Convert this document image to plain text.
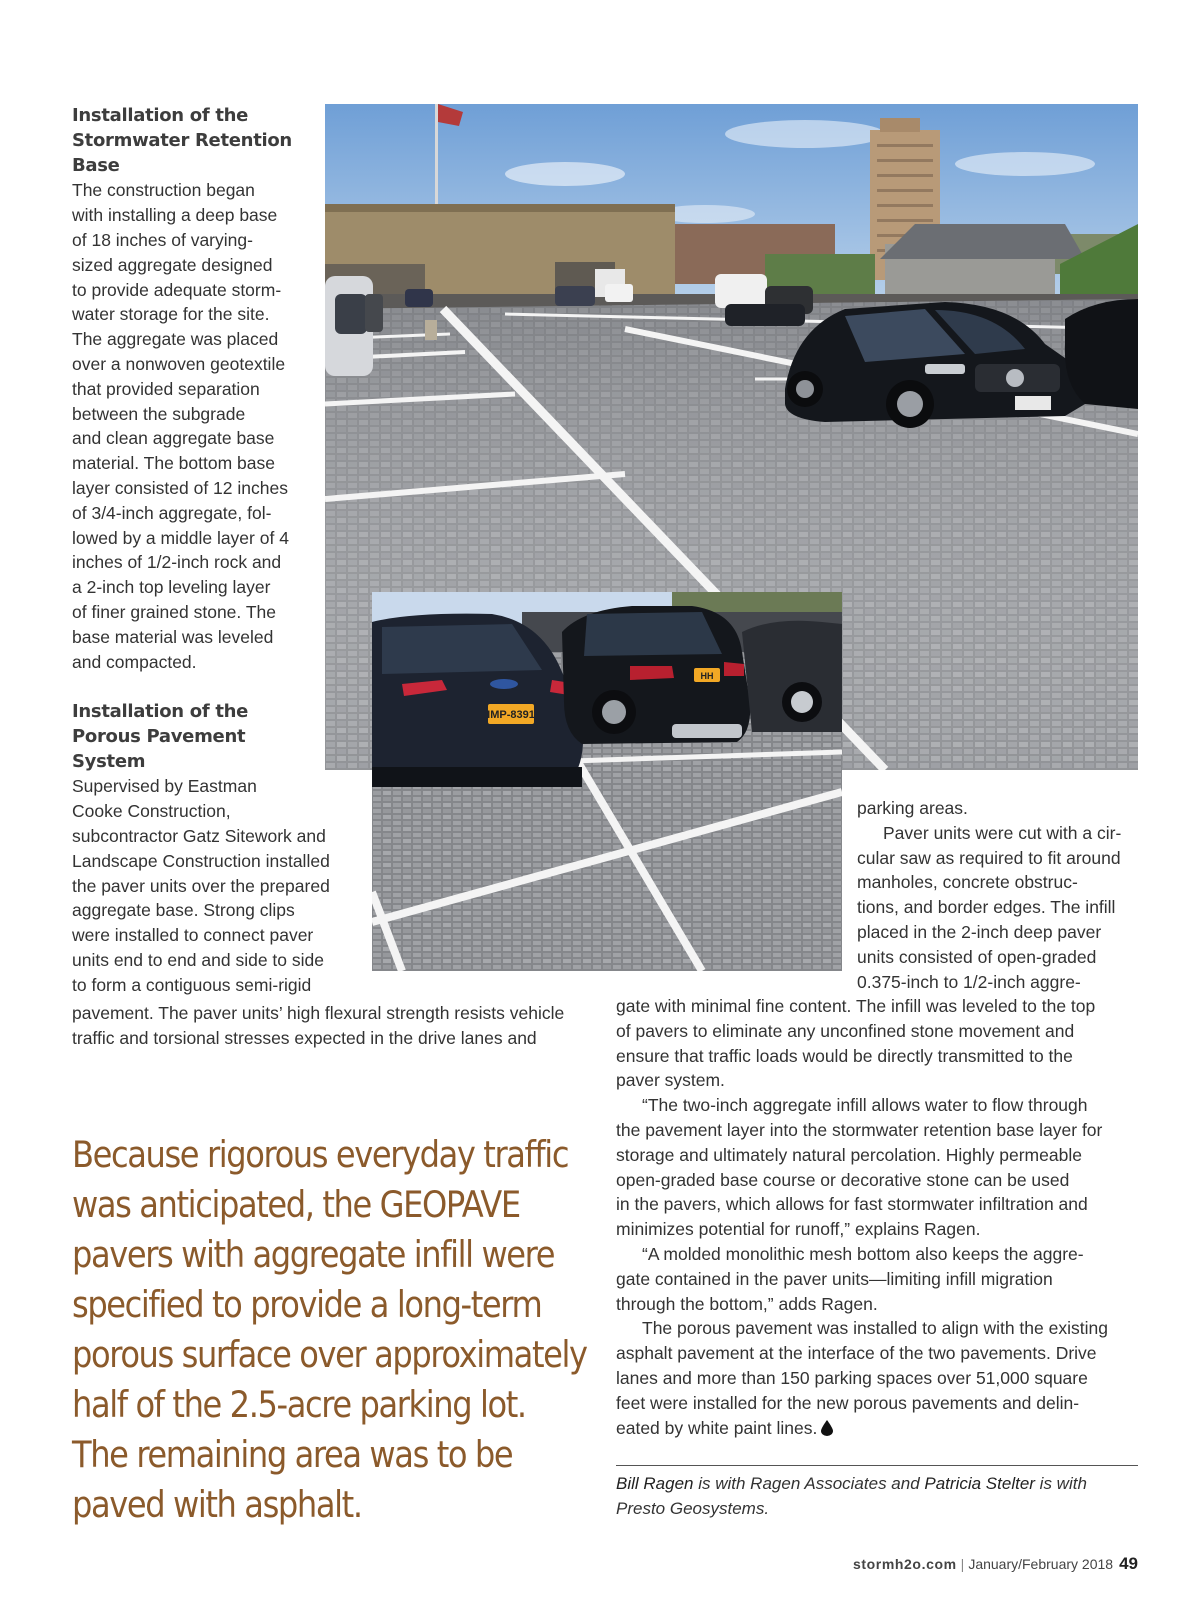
IMP-8391
HH
Installation of the
Stormwater Retention
Base
The construction began
with installing a deep base
of 18 inches of varying-
sized aggregate designed
to provide adequate storm-
water storage for the site.
The aggregate was placed
over a nonwoven geotextile
that provided separation
between the subgrade
and clean aggregate base
material. The bottom base
layer consisted of 12 inches
of 3/4-inch aggregate, fol-
lowed by a middle layer of 4
inches of 1/2-inch rock and
a 2-inch top leveling layer
of finer grained stone. The
base material was leveled
and compacted.
Installation of the
Porous Pavement
System
Supervised by Eastman
Cooke Construction,
subcontractor Gatz Sitework and
Landscape Construction installed
the paver units over the prepared
aggregate base. Strong clips
were installed to connect paver
units end to end and side to side
to form a contiguous semi-rigid

pavement. The paver units’ high flexural strength resists vehicle

traffic and torsional stresses expected in the drive lanes and

parking areas.

Paver units were cut with a cir-

cular saw as required to fit around

manholes, concrete obstruc-

tions, and border edges. The infill

placed in the 2-inch deep paver

units consisted of open-graded

0.375-inch to 1/2-inch aggre-

gate with minimal fine content. The infill was leveled to the top

of pavers to eliminate any unconfined stone movement and

ensure that traffic loads would be directly transmitted to the

paver system.

“The two-inch aggregate infill allows water to flow through

the pavement layer into the stormwater retention base layer for

storage and ultimately natural percolation. Highly permeable

open-graded base course or decorative stone can be used

in the pavers, which allows for fast stormwater infiltration and

minimizes potential for runoff,” explains Ragen.

“A molded monolithic mesh bottom also keeps the aggre-

gate contained in the paver units—limiting infill migration

through the bottom,” adds Ragen.

The porous pavement was installed to align with the existing

asphalt pavement at the interface of the two pavements. Drive

lanes and more than 150 parking spaces over 51,000 square

feet were installed for the new porous pavements and delin-

eated by white paint lines.

Because rigorous everyday traffic
was anticipated, the GEOPAVE
pavers with aggregate infill were
specified to provide a long-term
porous surface over approximately
half of the 2.5-acre parking lot.
The remaining area was to be
paved with asphalt.	Bill Ragen is with Ragen Associates and Patricia Stelter is with
Presto Geosystems.

stormh2o.com | January/February 2018 49
